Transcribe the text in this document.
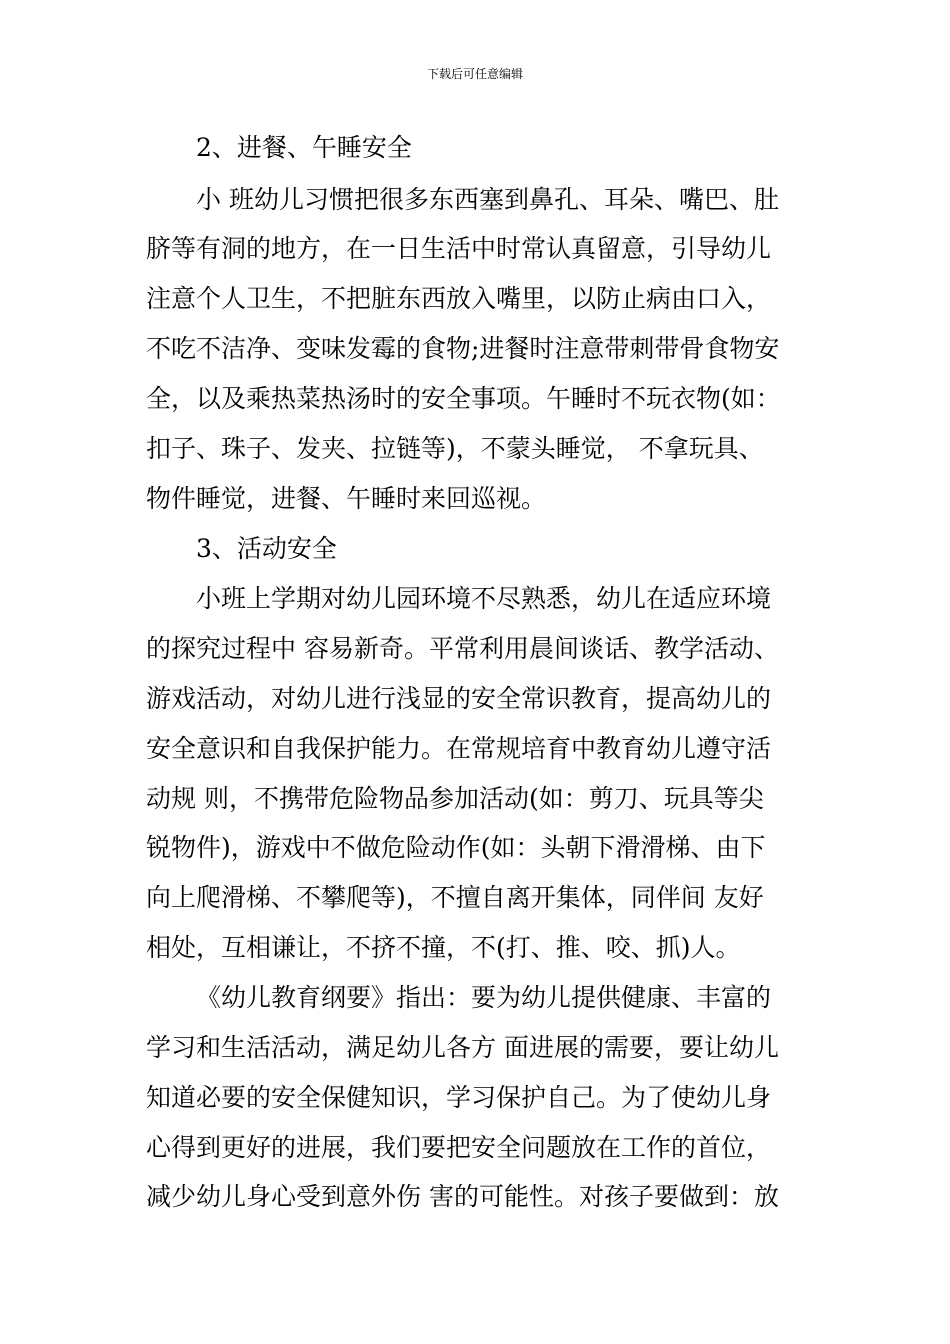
下载后可任意编辑
2、进餐、午睡安全
小 班幼儿习惯把很多东西塞到鼻孔、耳朵、嘴巴、肚
脐等有洞的地方，在一日生活中时常认真留意，引导幼儿
注意个人卫生，不把脏东西放入嘴里，以防止病由口入，
不吃不洁净、变味发霉的食物;进餐时注意带刺带骨食物安
全，以及乘热菜热汤时的安全事项。午睡时不玩衣物(如：
扣子、珠子、发夹、拉链等)，不蒙头睡觉， 不拿玩具、
物件睡觉，进餐、午睡时来回巡视。
3、活动安全
小班上学期对幼儿园环境不尽熟悉，幼儿在适应环境
的探究过程中 容易新奇。平常利用晨间谈话、教学活动、
游戏活动，对幼儿进行浅显的安全常识教育，提高幼儿的
安全意识和自我保护能力。在常规培育中教育幼儿遵守活
动规 则，不携带危险物品参加活动(如：剪刀、玩具等尖
锐物件)，游戏中不做危险动作(如：头朝下滑滑梯、由下
向上爬滑梯、不攀爬等)，不擅自离开集体，同伴间 友好
相处，互相谦让，不挤不撞，不(打、推、咬、抓)人。
《幼儿教育纲要》指出：要为幼儿提供健康、丰富的
学习和生活活动，满足幼儿各方 面进展的需要，要让幼儿
知道必要的安全保健知识，学习保护自己。为了使幼儿身
心得到更好的进展，我们要把安全问题放在工作的首位，
减少幼儿身心受到意外伤 害的可能性。对孩子要做到：放
